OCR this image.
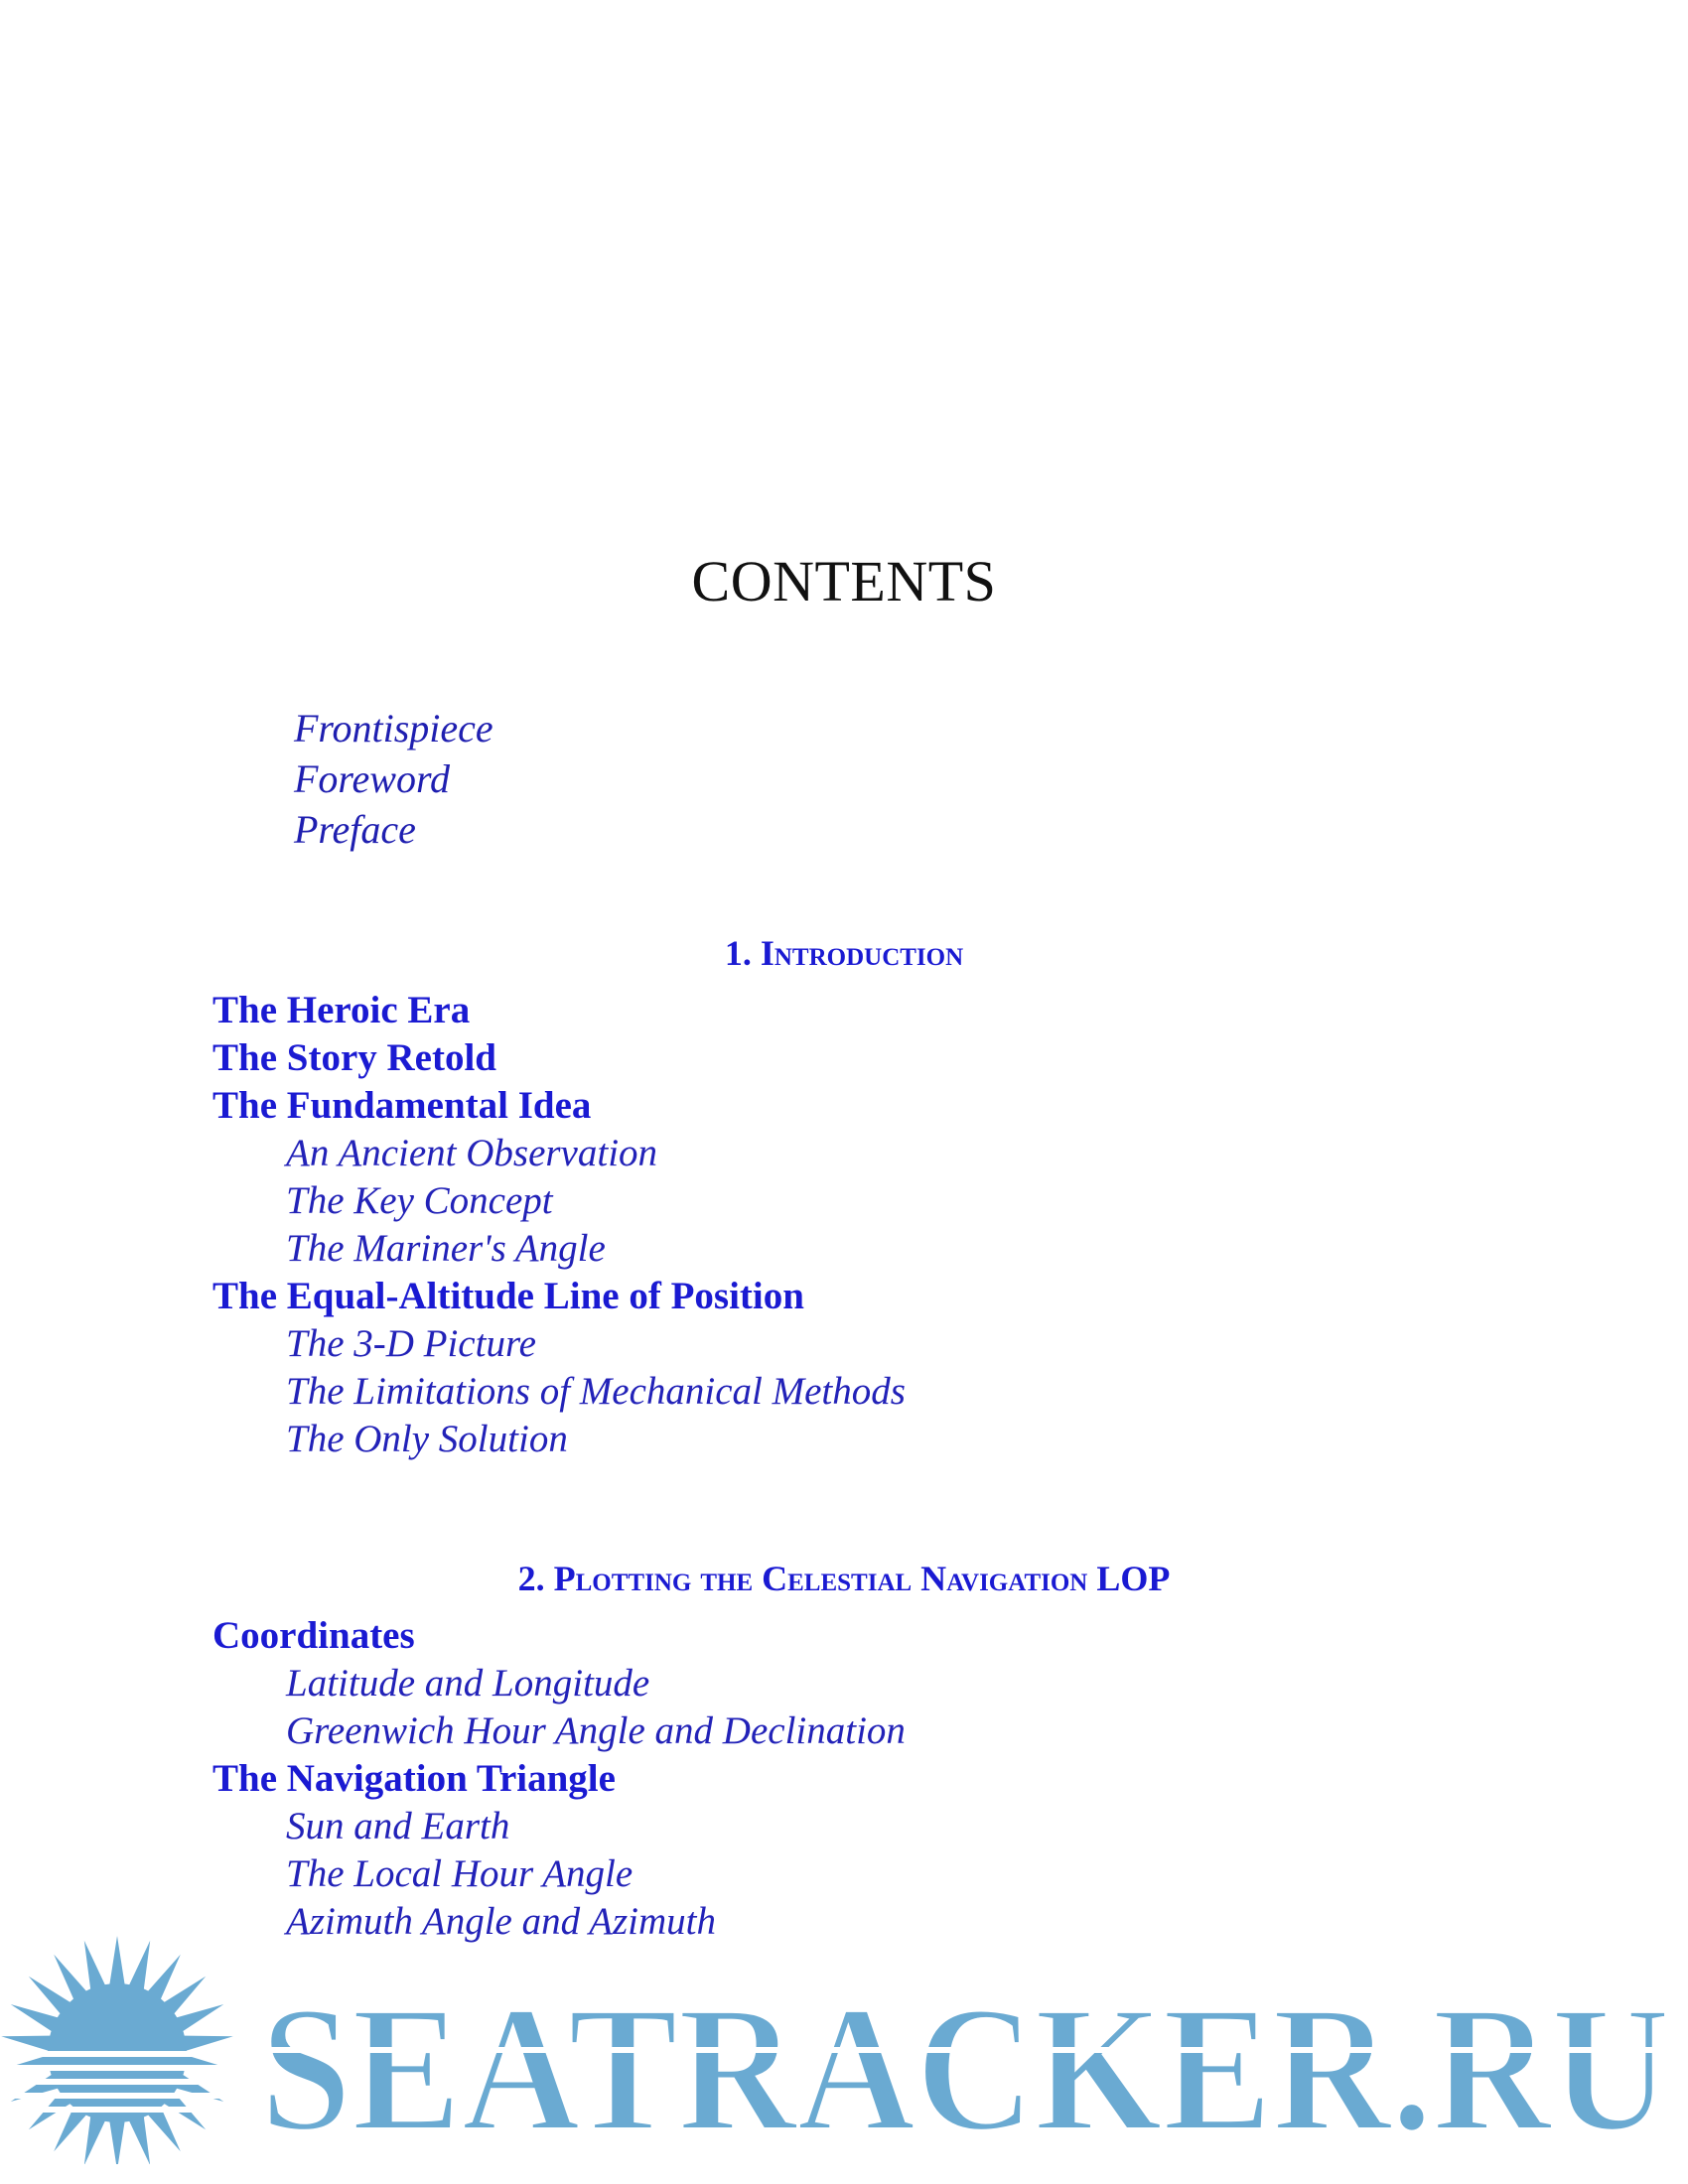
CONTENTS
Frontispiece
Foreword
Preface
1. Introduction
The Heroic Era
The Story Retold
The Fundamental Idea
An Ancient Observation
The Key Concept
The Mariner's Angle
The Equal-Altitude Line of Position
The 3-D Picture
The Limitations of Mechanical Methods
The Only Solution
2. Plotting the Celestial Navigation LOP
Coordinates
Latitude and Longitude
Greenwich Hour Angle and Declination
The Navigation Triangle
Sun and Earth
The Local Hour Angle
Azimuth Angle and Azimuth
SEATRACKER.RU
